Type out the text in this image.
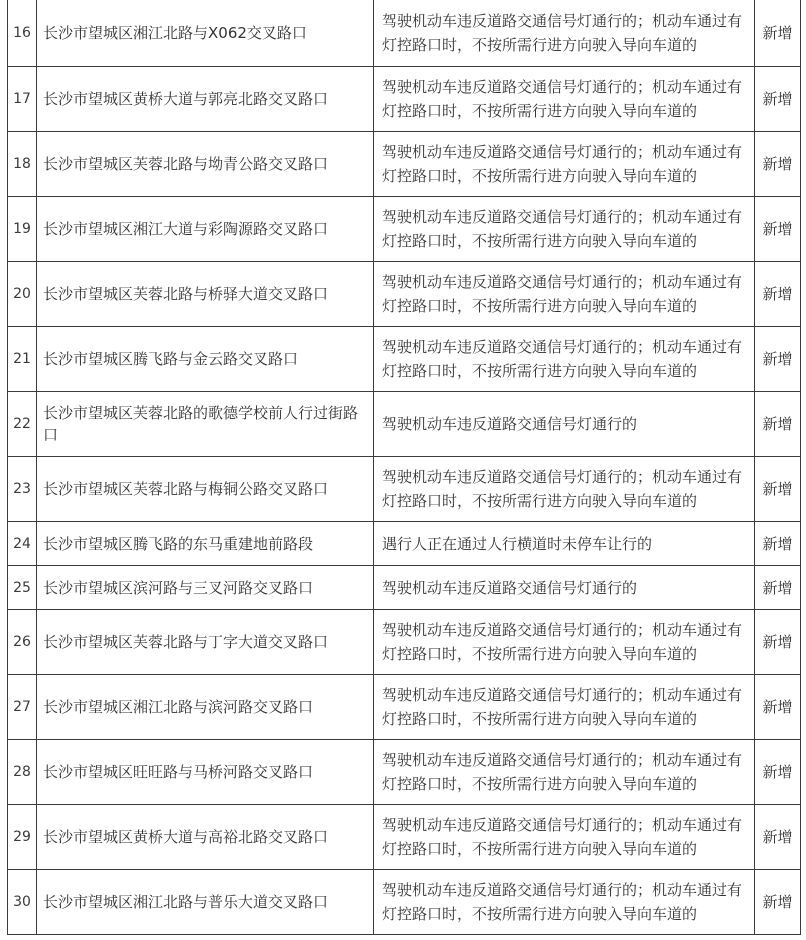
16	长沙市望城区湘江北路与X062交叉路口	驾驶机动车违反道路交通信号灯通行的；机动车通过有灯控路口时，不按所需行进方向驶入导向车道的	新增
17	长沙市望城区黄桥大道与郭亮北路交叉路口	驾驶机动车违反道路交通信号灯通行的；机动车通过有灯控路口时，不按所需行进方向驶入导向车道的	新增
18	长沙市望城区芙蓉北路与坳青公路交叉路口	驾驶机动车违反道路交通信号灯通行的；机动车通过有灯控路口时，不按所需行进方向驶入导向车道的	新增
19	长沙市望城区湘江大道与彩陶源路交叉路口	驾驶机动车违反道路交通信号灯通行的；机动车通过有灯控路口时，不按所需行进方向驶入导向车道的	新增
20	长沙市望城区芙蓉北路与桥驿大道交叉路口	驾驶机动车违反道路交通信号灯通行的；机动车通过有灯控路口时，不按所需行进方向驶入导向车道的	新增
21	长沙市望城区腾飞路与金云路交叉路口	驾驶机动车违反道路交通信号灯通行的；机动车通过有灯控路口时，不按所需行进方向驶入导向车道的	新增
22	长沙市望城区芙蓉北路的歌德学校前人行过街路口	驾驶机动车违反道路交通信号灯通行的	新增
23	长沙市望城区芙蓉北路与梅铜公路交叉路口	驾驶机动车违反道路交通信号灯通行的；机动车通过有灯控路口时，不按所需行进方向驶入导向车道的	新增
24	长沙市望城区腾飞路的东马重建地前路段	遇行人正在通过人行横道时未停车让行的	新增
25	长沙市望城区滨河路与三叉河路交叉路口	驾驶机动车违反道路交通信号灯通行的	新增
26	长沙市望城区芙蓉北路与丁字大道交叉路口	驾驶机动车违反道路交通信号灯通行的；机动车通过有灯控路口时，不按所需行进方向驶入导向车道的	新增
27	长沙市望城区湘江北路与滨河路交叉路口	驾驶机动车违反道路交通信号灯通行的；机动车通过有灯控路口时，不按所需行进方向驶入导向车道的	新增
28	长沙市望城区旺旺路与马桥河路交叉路口	驾驶机动车违反道路交通信号灯通行的；机动车通过有灯控路口时，不按所需行进方向驶入导向车道的	新增
29	长沙市望城区黄桥大道与高裕北路交叉路口	驾驶机动车违反道路交通信号灯通行的；机动车通过有灯控路口时，不按所需行进方向驶入导向车道的	新增
30	长沙市望城区湘江北路与普乐大道交叉路口	驾驶机动车违反道路交通信号灯通行的；机动车通过有灯控路口时，不按所需行进方向驶入导向车道的	新增
